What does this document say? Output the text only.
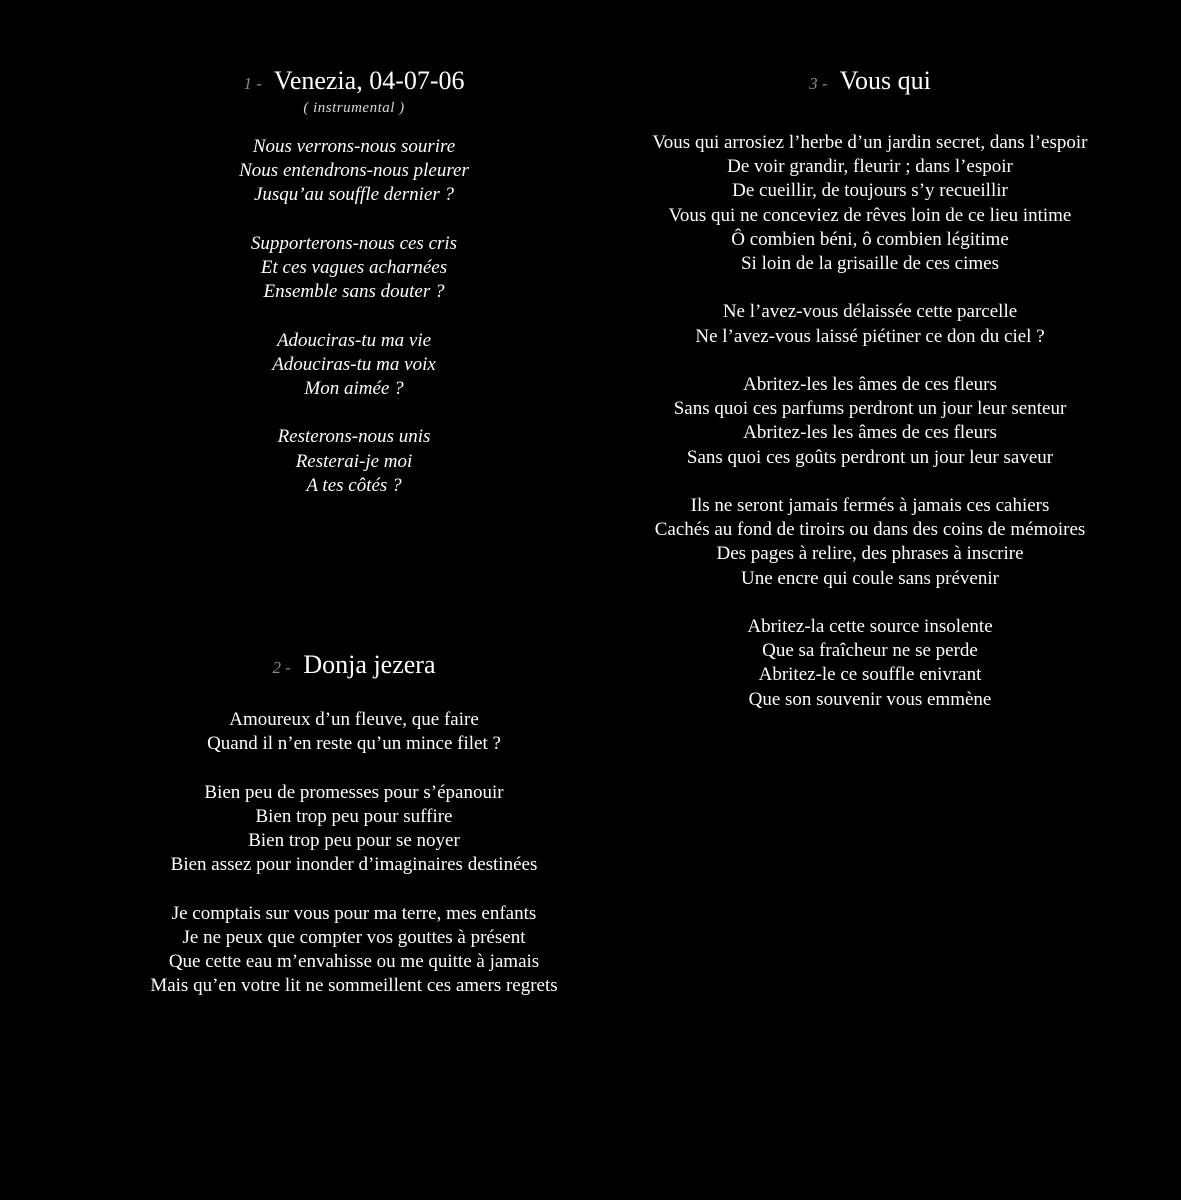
1 - Venezia, 04-07-06
( instrumental )
Nous verrons-nous sourire
Nous entendrons-nous pleurer
Jusqu’au souffle dernier ?
Supporterons-nous ces cris
Et ces vagues acharnées
Ensemble sans douter ?
Adouciras-tu ma vie
Adouciras-tu ma voix
Mon aimée ?
Resterons-nous unis
Resterai-je moi
A tes côtés ?
2 - Donja jezera
Amoureux d’un fleuve, que faire
Quand il n’en reste qu’un mince filet ?
Bien peu de promesses pour s’épanouir
Bien trop peu pour suffire
Bien trop peu pour se noyer
Bien assez pour inonder d’imaginaires destinées
Je comptais sur vous pour ma terre, mes enfants
Je ne peux que compter vos gouttes à présent
Que cette eau m’envahisse ou me quitte à jamais
Mais qu’en votre lit ne sommeillent ces amers regrets
3 - Vous qui
Vous qui arrosiez l’herbe d’un jardin secret, dans l’espoir
De voir grandir, fleurir ; dans l’espoir
De cueillir, de toujours s’y recueillir
Vous qui ne conceviez de rêves loin de ce lieu intime
Ô combien béni, ô combien légitime
Si loin de la grisaille de ces cimes
Ne l’avez-vous délaissée cette parcelle
Ne l’avez-vous laissé piétiner ce don du ciel ?
Abritez-les les âmes de ces fleurs
Sans quoi ces parfums perdront un jour leur senteur
Abritez-les les âmes de ces fleurs
Sans quoi ces goûts perdront un jour leur saveur
Ils ne seront jamais fermés à jamais ces cahiers
Cachés au fond de tiroirs ou dans des coins de mémoires
Des pages à relire, des phrases à inscrire
Une encre qui coule sans prévenir
Abritez-la cette source insolente
Que sa fraîcheur ne se perde
Abritez-le ce souffle enivrant
Que son souvenir vous emmène
